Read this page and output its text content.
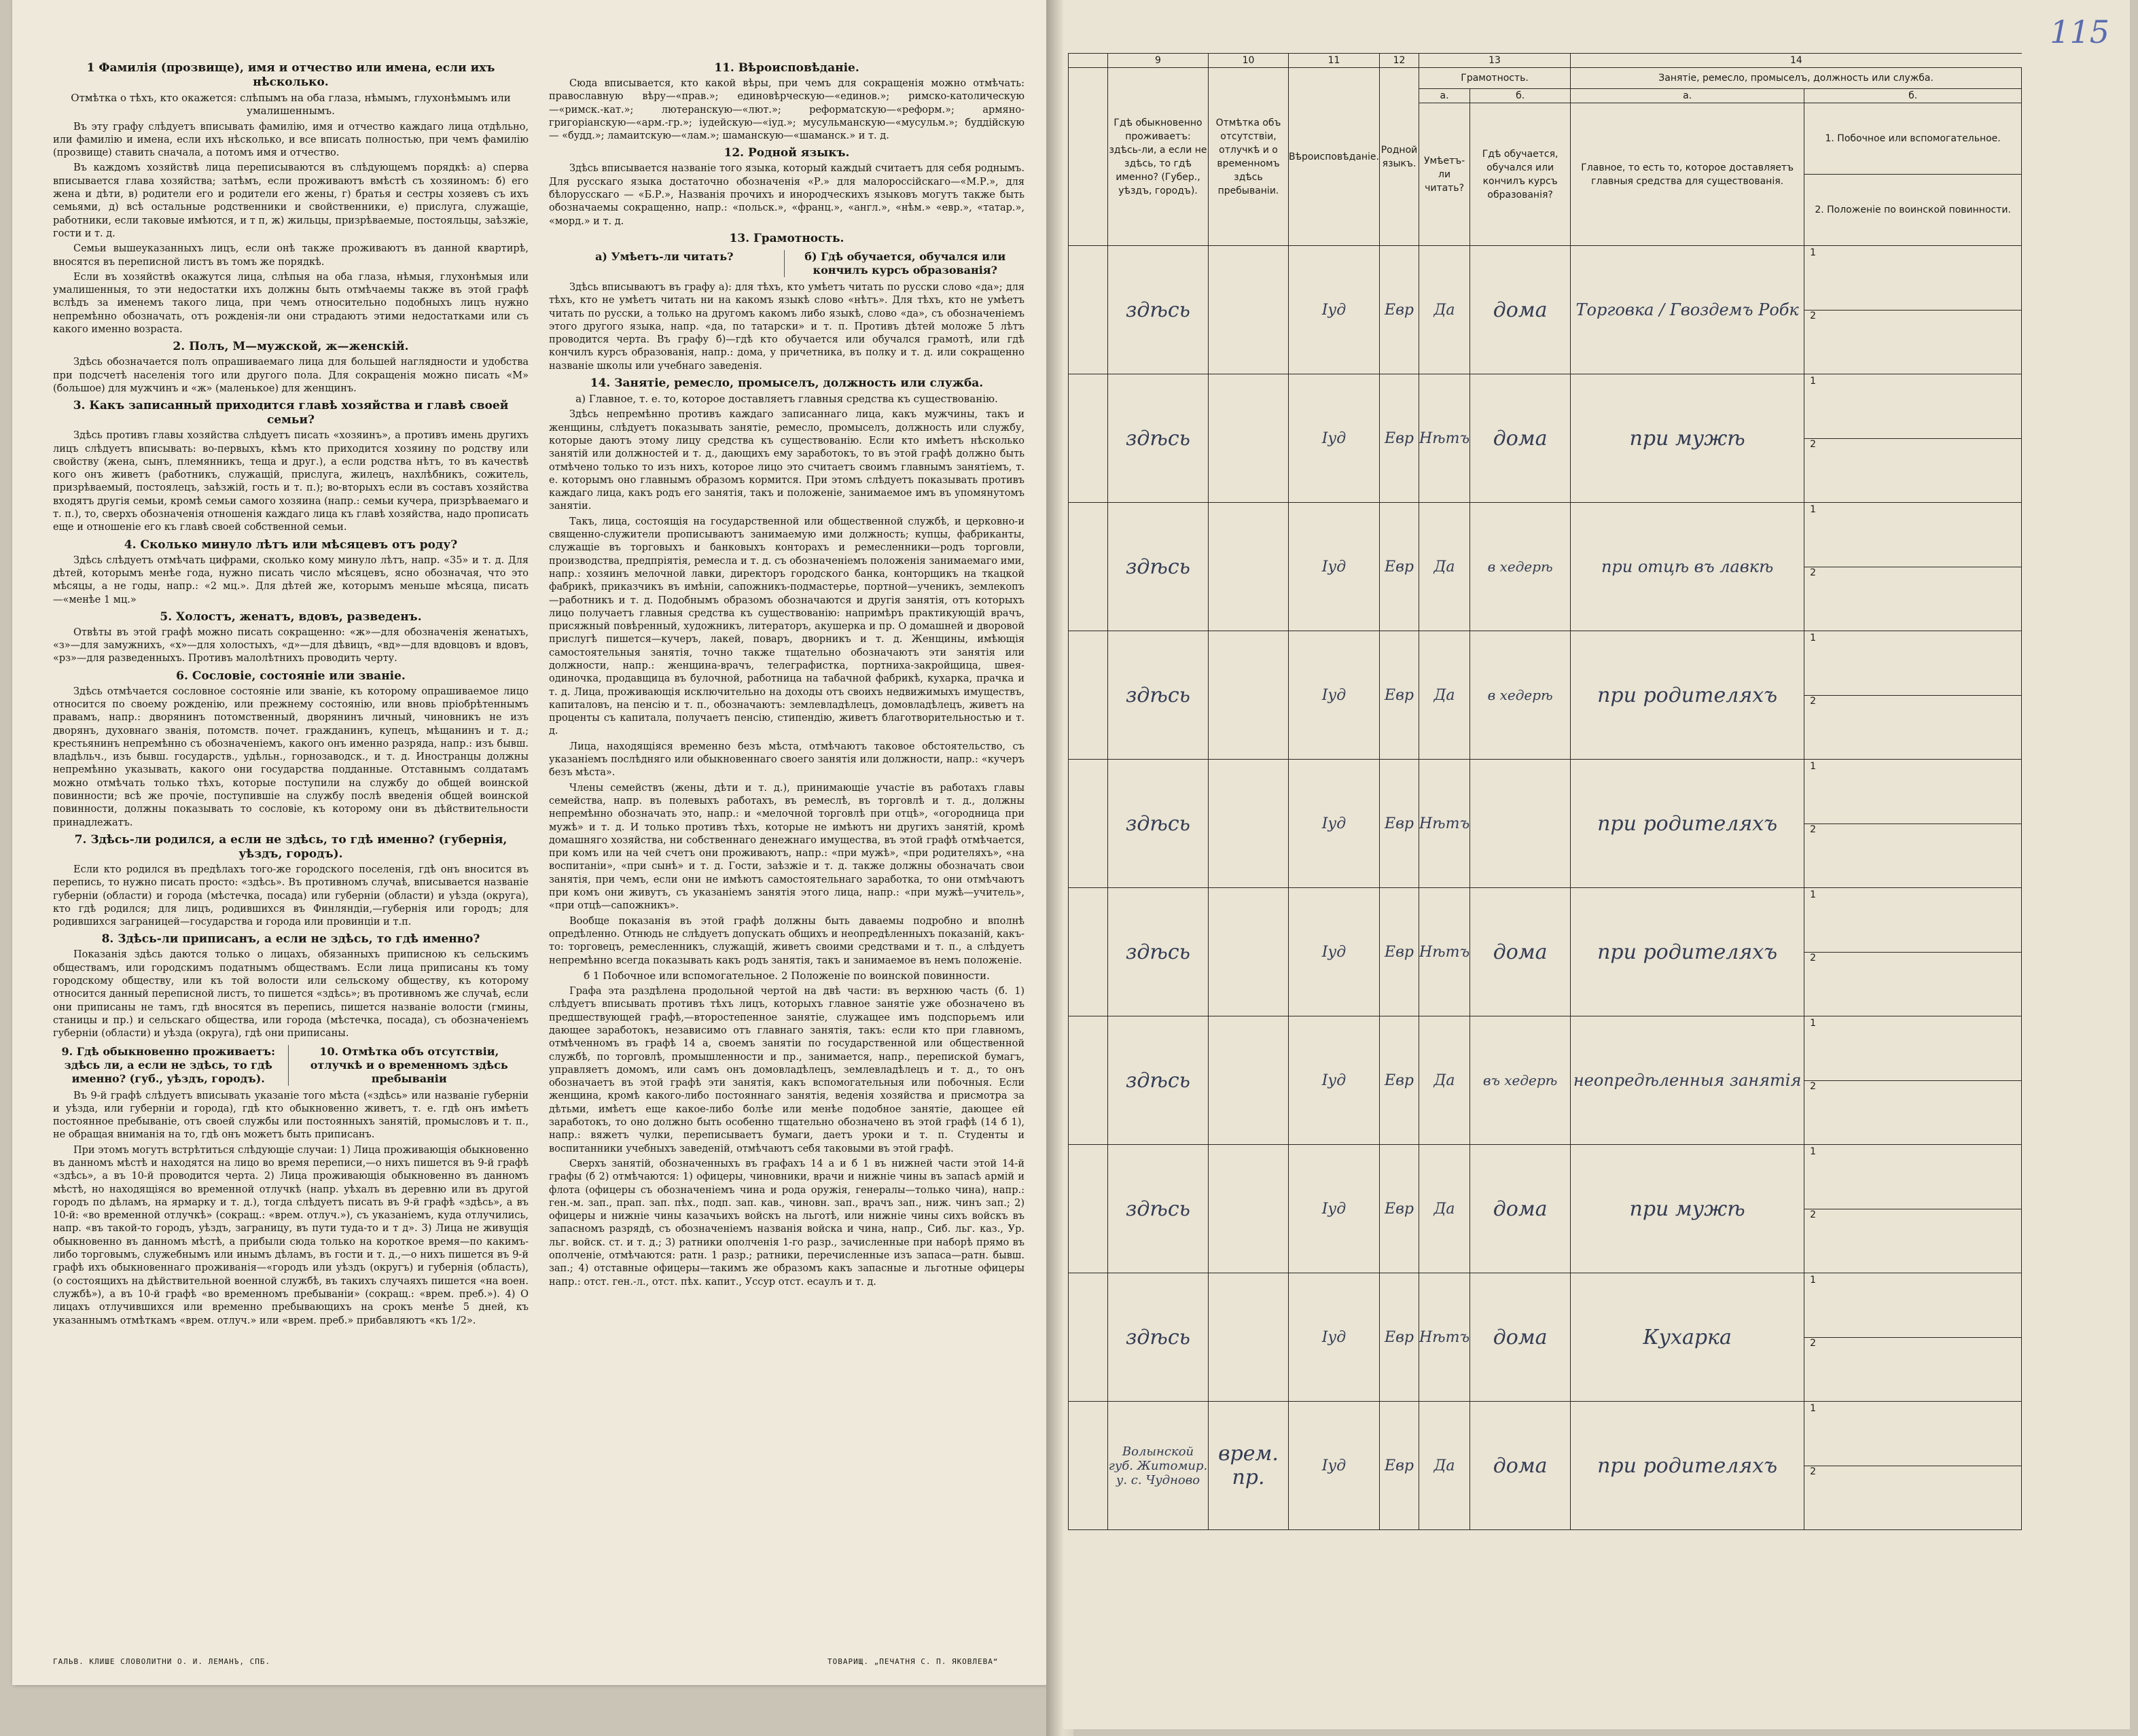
1 Фамилія (прозвище), имя и отчество или имена, если ихъ нѣсколько.
Отмѣтка о тѣхъ, кто окажется: слѣпымъ на оба глаза, нѣмымъ, глухонѣмымъ или умалишеннымъ.
Въ эту графу слѣдуетъ вписывать фамилію, имя и отчество каждаго лица отдѣльно, или фамилію и имена, если ихъ нѣсколько, и все вписать полностью, при чемъ фамилію (прозвище) ставить сначала, а потомъ имя и отчество.
Въ каждомъ хозяйствѣ лица переписываются въ слѣдующемъ порядкѣ: а) сперва вписывается глава хозяйства; затѣмъ, если проживаютъ вмѣстѣ съ хозяиномъ: б) его жена и дѣти, в) родители его и родители его жены, г) братья и сестры хозяевъ съ ихъ семьями, д) всѣ остальные родственники и свойственники, е) прислуга, служащіе, работники, если таковые имѣются, и т п, ж) жильцы, призрѣваемые, постояльцы, заѣзжіе, гости и т. д.
Семьи вышеуказанныхъ лицъ, если онѣ также проживаютъ въ данной квартирѣ, вносятся въ переписной листъ въ томъ же порядкѣ.
Если въ хозяйствѣ окажутся лица, слѣпыя на оба глаза, нѣмыя, глухонѣмыя или умалишенныя, то эти недостатки ихъ должны быть отмѣчаемы также въ этой графѣ вслѣдъ за именемъ такого лица, при чемъ относительно подобныхъ лицъ нужно непремѣнно обозначать, отъ рожденія-ли они страдаютъ этими недостатками или съ какого именно возраста.
2. Полъ, М—мужской, ж—женскій.
Здѣсь обозначается полъ опрашиваемаго лица для большей наглядности и удобства при подсчетѣ населенія того или другого пола. Для сокращенія можно писать «М» (большое) для мужчинъ и «ж» (маленькое) для женщинъ.
3. Какъ записанный приходится главѣ хозяйства и главѣ своей семьи?
Здѣсь противъ главы хозяйства слѣдуетъ писать «хозяинъ», а противъ имень другихъ лицъ слѣдуетъ вписывать: во-первыхъ, кѣмъ кто приходится хозяину по родству или свойству (жена, сынъ, племянникъ, теща и друг.), а если родства нѣтъ, то въ качествѣ кого онъ живетъ (работникъ, служащій, прислуга, жилецъ, нахлѣбникъ, сожитель, призрѣваемый, постоялецъ, заѣзжій, гость и т. п.); во-вторыхъ если въ составъ хозяйства входятъ другія семьи, кромѣ семьи самого хозяина (напр.: семьи кучера, призрѣваемаго и т. п.), то, сверхъ обозначенія отношенія каждаго лица къ главѣ хозяйства, надо прописать еще и отношеніе его къ главѣ своей собственной семьи.
4. Сколько минуло лѣтъ или мѣсяцевъ отъ роду?
Здѣсь слѣдуетъ отмѣчать цифрами, сколько кому минуло лѣтъ, напр. «35» и т. д. Для дѣтей, которымъ менѣе года, нужно писать число мѣсяцевъ, ясно обозначая, что это мѣсяцы, а не годы, напр.: «2 мц.». Для дѣтей же, которымъ меньше мѣсяца, писать—«менѣе 1 мц.»
5. Холостъ, женатъ, вдовъ, разведенъ.
Отвѣты въ этой графѣ можно писать сокращенно: «ж»—для обозначенія женатыхъ, «з»—для замужнихъ, «х»—для холостыхъ, «д»—для дѣвицъ, «вд»—для вдовцовъ и вдовъ, «рз»—для разведенныхъ. Противъ малолѣтнихъ проводить черту.
6. Сословіе, состояніе или званіе.
Здѣсь отмѣчается сословное состояніе или званіе, къ которому опрашиваемое лицо относится по своему рожденію, или прежнему состоянію, или вновь пріобрѣтеннымъ правамъ, напр.: дворянинъ потомственный, дворянинъ личный, чиновникъ не изъ дворянъ, духовнаго званія, потомств. почет. гражданинъ, купецъ, мѣщанинъ и т. д.; крестьянинъ непремѣнно съ обозначеніемъ, какого онъ именно разряда, напр.: изъ бывш. владѣльч., изъ бывш. государств., удѣльн., горнозаводск., и т. д. Иностранцы должны непремѣнно указывать, какого они государства подданные. Отставнымъ солдатамъ можно отмѣчать только тѣхъ, которые поступили на службу до общей воинской повинности; всѣ же прочіе, поступившіе на службу послѣ введенія общей воинской повинности, должны показывать то сословіе, къ которому они въ дѣйствительности принадлежатъ.
7. Здѣсь-ли родился, а если не здѣсь, то гдѣ именно? (губернія, уѣздъ, городъ).
Если кто родился въ предѣлахъ того-же городского поселенія, гдѣ онъ вносится въ перепись, то нужно писать просто: «здѣсь». Въ противномъ случаѣ, вписывается названіе губерніи (области) и города (мѣстечка, посада) или губерніи (области) и уѣзда (округа), кто гдѣ родился; для лицъ, родившихся въ Финляндіи,—губернія или городъ; для родившихся заграницей—государства и города или провинціи и т.п.
8. Здѣсь-ли приписанъ, а если не здѣсь, то гдѣ именно?
Показанія здѣсь даются только о лицахъ, обязанныхъ приписною къ сельскимъ обществамъ, или городскимъ податнымъ обществамъ. Если лица приписаны къ тому городскому обществу, или къ той волости или сельскому обществу, къ которому относится данный переписной листъ, то пишется «здѣсь»; въ противномъ же случаѣ, если они приписаны не тамъ, гдѣ вносятся въ перепись, пишется названіе волости (гмины, станицы и пр.) и сельскаго общества, или города (мѣстечка, посада), съ обозначеніемъ губерніи (области) и уѣзда (округа), гдѣ они приписаны.
9. Гдѣ обыкновенно проживаетъ: здѣсь ли, а если не здѣсь, то гдѣ именно? (губ., уѣздъ, городъ).
10. Отмѣтка объ отсутствіи, отлучкѣ и о временномъ здѣсь пребываніи
Въ 9-й графѣ слѣдуетъ вписывать указаніе того мѣста («здѣсь» или названіе губерніи и уѣзда, или губерніи и города), гдѣ кто обыкновенно живетъ, т. е. гдѣ онъ имѣетъ постоянное пребываніе, отъ своей службы или постоянныхъ занятій, промысловъ и т. п., не обращая вниманія на то, гдѣ онъ можетъ быть приписанъ.
При этомъ могутъ встрѣтиться слѣдующіе случаи: 1) Лица проживающія обыкновенно въ данномъ мѣстѣ и находятся на лицо во время переписи,—о нихъ пишется въ 9-й графѣ «здѣсь», а въ 10-й проводится черта. 2) Лица проживающія обыкновенно въ данномъ мѣстѣ, но находящіяся во временной отлучкѣ (напр. уѣхалъ въ деревню или въ другой городъ по дѣламъ, на ярмарку и т. д.), тогда слѣдуетъ писать въ 9-й графѣ «здѣсь», а въ 10-й: «во временной отлучкѣ» (сокращ.: «врем. отлуч.»), съ указаніемъ, куда отлучились, напр. «въ такой-то городъ, уѣздъ, заграницу, въ пути туда-то и т д». 3) Лица не живущія обыкновенно въ данномъ мѣстѣ, а прибыли сюда только на короткое время—по какимъ-либо торговымъ, служебнымъ или инымъ дѣламъ, въ гости и т. д.,—о нихъ пишется въ 9-й графѣ ихъ обыкновеннаго проживанія—«городъ или уѣздъ (округъ) и губернія (область), (о состоящихъ на дѣйствительной военной службѣ, въ такихъ случаяхъ пишется «на воен. службѣ»), а въ 10-й графѣ «во временномъ пребываніи» (сокращ.: «врем. преб.»). 4) О лицахъ отлучившихся или временно пребывающихъ на срокъ менѣе 5 дней, къ указаннымъ отмѣткамъ «врем. отлуч.» или «врем. преб.» прибавляютъ «къ 1/2».
11. Вѣроисповѣданіе.
Сюда вписывается, кто какой вѣры, при чемъ для сокращенія можно отмѣчать: православную вѣру—«прав.»; единовѣрческую—«единов.»; римско-католическую—«римск.-кат.»; лютеранскую—«лют.»; реформатскую—«реформ.»; армяно-григоріанскую—«арм.-гр.»; іудейскую—«іуд.»; мусульманскую—«мусульм.»; буддійскую — «будд.»; ламаитскую—«лам.»; шаманскую—«шаманск.» и т. д.
12. Родной языкъ.
Здѣсь вписывается названіе того языка, который каждый считаетъ для себя роднымъ. Для русскаго языка достаточно обозначенія «Р.» для малороссійскаго—«М.Р.», для бѣлорусскаго — «Б.Р.», Названія прочихъ и инородческихъ языковъ могутъ также быть обозначаемы сокращенно, напр.: «польск.», «франц.», «англ.», «нѣм.» «евр.», «татар.», «морд.» и т. д.
13. Грамотность.
а) Умѣетъ-ли читать?	б) Гдѣ обучается, обучался или кончилъ курсъ образованія?
Здѣсь вписываютъ въ графу а): для тѣхъ, кто умѣетъ читать по русски слово «да»; для тѣхъ, кто не умѣетъ читать ни на какомъ языкѣ слово «нѣтъ». Для тѣхъ, кто не умѣетъ читать по русски, а только на другомъ какомъ либо языкѣ, слово «да», съ обозначеніемъ этого другого языка, напр. «да, по татарски» и т. п. Противъ дѣтей моложе 5 лѣтъ проводится черта. Въ графу б)—гдѣ кто обучается или обучался грамотѣ, или гдѣ кончилъ курсъ образованія, напр.: дома, у причетника, въ полку и т. д. или сокращенно названіе школы или учебнаго заведенія.
14. Занятіе, ремесло, промыселъ, должность или служба.
а) Главное, т. е. то, которое доставляетъ главныя средства къ существованію.
Здѣсь непремѣнно противъ каждаго записаннаго лица, какъ мужчины, такъ и женщины, слѣдуетъ показывать занятіе, ремесло, промыселъ, должность или службу, которые даютъ этому лицу средства къ существованію. Если кто имѣетъ нѣсколько занятій или должностей и т. д., дающихъ ему заработокъ, то въ этой графѣ должно быть отмѣчено только то изъ нихъ, которое лицо это считаетъ своимъ главнымъ занятіемъ, т. е. которымъ оно главнымъ образомъ кормится. При этомъ слѣдуетъ показывать противъ каждаго лица, какъ родъ его занятія, такъ и положеніе, занимаемое имъ въ упомянутомъ занятіи.
Такъ, лица, состоящія на государственной или общественной службѣ, и церковно-и священно-служители прописываютъ занимаемую ими должность; купцы, фабриканты, служащіе въ торговыхъ и банковыхъ конторахъ и ремесленники—родъ торговли, производства, предпріятія, ремесла и т. д. съ обозначеніемъ положенія занимаемаго ими, напр.: хозяинъ мелочной лавки, директоръ городского банка, конторщикъ на ткацкой фабрикѣ, приказчикъ въ имѣніи, сапожникъ-подмастерье, портной—ученикъ, землекопъ—работникъ и т. д. Подобнымъ образомъ обозначаются и другія занятія, отъ которыхъ лицо получаетъ главныя средства къ существованію: напримѣръ практикующій врачъ, присяжный повѣренный, художникъ, литераторъ, акушерка и пр. О домашней и дворовой прислугѣ пишется—кучеръ, лакей, поваръ, дворникъ и т. д. Женщины, имѣющія самостоятельныя занятія, точно также тщательно обозначаютъ эти занятія или должности, напр.: женщина-врачъ, телеграфистка, портниха-закройщица, швея-одиночка, продавщица въ булочной, работница на табачной фабрикѣ, кухарка, прачка и т. д. Лица, проживающія исключительно на доходы отъ своихъ недвижимыхъ имуществъ, капиталовъ, на пенсію и т. п., обозначаютъ: землевладѣлецъ, домовладѣлецъ, живетъ на проценты съ капитала, получаетъ пенсію, стипендію, живетъ благотворительностью и т. д.
Лица, находящіяся временно безъ мѣста, отмѣчаютъ таковое обстоятельство, съ указаніемъ послѣдняго или обыкновеннаго своего занятія или должности, напр.: «кучеръ безъ мѣста».
Члены семействъ (жены, дѣти и т. д.), принимающіе участіе въ работахъ главы семейства, напр. въ полевыхъ работахъ, въ ремеслѣ, въ торговлѣ и т. д., должны непремѣнно обозначать это, напр.: и «мелочной торговлѣ при отцѣ», «огородница при мужѣ» и т. д. И только противъ тѣхъ, которые не имѣютъ ни другихъ занятій, кромѣ домашняго хозяйства, ни собственнаго денежнаго имущества, въ этой графѣ отмѣчается, при комъ или на чей счетъ они проживаютъ, напр.: «при мужѣ», «при родителяхъ», «на воспитаніи», «при сынѣ» и т. д. Гости, заѣзжіе и т. д. также должны обозначать свои занятія, при чемъ, если они не имѣютъ самостоятельнаго заработка, то они отмѣчаютъ при комъ они живутъ, съ указаніемъ занятія этого лица, напр.: «при мужѣ—учитель», «при отцѣ—сапожникъ».
Вообще показанія въ этой графѣ должны быть даваемы подробно и вполнѣ опредѣленно. Отнюдь не слѣдуетъ допускать общихъ и неопредѣленныхъ показаній, какъ-то: торговецъ, ремесленникъ, служащій, живетъ своими средствами и т. п., а слѣдуетъ непремѣнно всегда показывать какъ родъ занятія, такъ и занимаемое въ немъ положеніе.
б 1 Побочное или вспомогательное. 2 Положеніе по воинской повинности.
Графа эта раздѣлена продольной чертой на двѣ части: въ верхнюю часть (б. 1) слѣдуетъ вписывать противъ тѣхъ лицъ, которыхъ главное занятіе уже обозначено въ предшествующей графѣ,—второстепенное занятіе, служащее имъ подспорьемъ или дающее заработокъ, независимо отъ главнаго занятія, такъ: если кто при главномъ, отмѣченномъ въ графѣ 14 а, своемъ занятіи по государственной или общественной службѣ, по торговлѣ, промышленности и пр., занимается, напр., перепиской бумагъ, управляетъ домомъ, или самъ онъ домовладѣлецъ, землевладѣлецъ и т. д., то онъ обозначаетъ въ этой графѣ эти занятія, какъ вспомогательныя или побочныя. Если женщина, кромѣ какого-либо постояннаго занятія, веденія хозяйства и присмотра за дѣтьми, имѣетъ еще какое-либо болѣе или менѣе подобное занятіе, дающее ей заработокъ, то оно должно быть особенно тщательно обозначено въ этой графѣ (14 б 1), напр.: вяжетъ чулки, переписываетъ бумаги, даетъ уроки и т. п. Студенты и воспитанники учебныхъ заведеній, отмѣчаютъ себя таковыми въ этой графѣ.
Сверхъ занятій, обозначенныхъ въ графахъ 14 а и б 1 въ нижней части этой 14-й графы (б 2) отмѣчаются: 1) офицеры, чиновники, врачи и нижніе чины въ запасѣ армій и флота (офицеры съ обозначеніемъ чина и рода оружія, генералы—только чина), напр.: ген.-м. зап., прап. зап. пѣх., подп. зап. кав., чиновн. зап., врачъ зап., ниж. чинъ зап.; 2) офицеры и нижніе чины казачьихъ войскъ на льготѣ, или нижніе чины сихъ войскъ въ запасномъ разрядѣ, съ обозначеніемъ названія войска и чина, напр., Сиб. льг. каз., Ур. льг. войск. ст. и т. д.; 3) ратники ополченія 1-го разр., зачисленные при наборѣ прямо въ ополченіе, отмѣчаются: ратн. 1 разр.; ратники, перечисленные изъ запаса—ратн. бывш. зап.; 4) отставные офицеры—такимъ же образомъ какъ запасные и льготные офицеры напр.: отст. ген.-л., отст. пѣх. капит., Уссур отст. есаулъ и т. д.
ГАЛЬВ. КЛИШЕ СЛОВОЛИТНИ О. И. ЛЕМАНЪ, СПБ.	ТОВАРИЩ. „ПЕЧАТНЯ С. П. ЯКОВЛЕВА“
115
	9	10	11	12	13		14	
	Гдѣ обыкновенно проживаетъ: здѣсь-ли, а если не здѣсь, то гдѣ именно? (Губер., уѣздъ, городъ).	Отмѣтка объ отсутствіи, отлучкѣ и о временномъ здѣсь пребываніи.	Вѣроисповѣданіе.	Родной языкъ.	Грамотность.		Занятіе, ремесло, промыселъ, должность или служба.	
					а.	б.	а.	б.
					Умѣетъ-ли читать?	Гдѣ обучается, обучался или кончилъ курсъ образованія?	Главное, то есть то, которое доставляетъ главныя средства для существованія.	1. Побочное или вспомогательное.
2. Положеніе по воинской повинности.

	здѣсь		Іуд	Евр	Да	дома	Торговка / Гвоздемъ Робк	1
2

	здѣсь		Іуд	Евр	Нѣтъ	дома	при мужѣ	1
2

	здѣсь		Іуд	Евр	Да	в хедерѣ	при отцѣ въ лавкѣ	1
2

	здѣсь		Іуд	Евр	Да	в хедерѣ	при родителяхъ	1
2

	здѣсь		Іуд	Евр	Нѣтъ		при родителяхъ	1
2

	здѣсь		Іуд	Евр	Нѣтъ	дома	при родителяхъ	1
2

	здѣсь		Іуд	Евр	Да	въ хедерѣ	неопредѣленныя занятія	1
2

	здѣсь		Іуд	Евр	Да	дома	при мужѣ	1
2

	здѣсь		Іуд	Евр	Нѣтъ	дома	Кухарка	1
2

	Волынской губ. Житомир. у. с. Чудново	врем. пр.	Іуд	Евр	Да	дома	при родителяхъ	1
2
